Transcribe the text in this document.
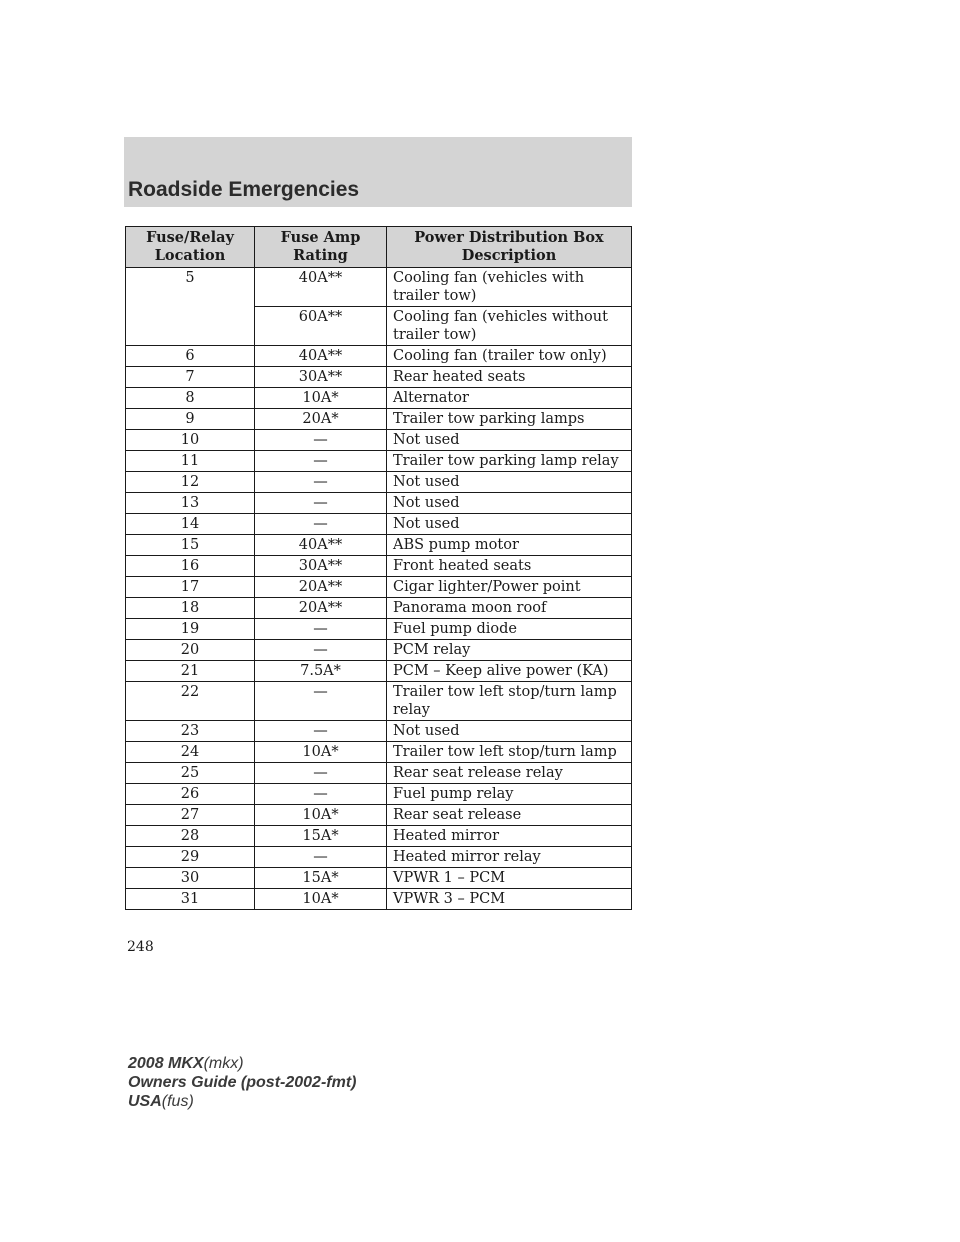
Roadside Emergencies
Fuse/Relay Location	Fuse Amp Rating	Power Distribution Box Description
5	40A**	Cooling fan (vehicles with trailer tow)
	60A**	Cooling fan (vehicles without trailer tow)
6	40A**	Cooling fan (trailer tow only)
7	30A**	Rear heated seats
8	10A*	Alternator
9	20A*	Trailer tow parking lamps
10	—	Not used
11	—	Trailer tow parking lamp relay
12	—	Not used
13	—	Not used
14	—	Not used
15	40A**	ABS pump motor
16	30A**	Front heated seats
17	20A**	Cigar lighter/Power point
18	20A**	Panorama moon roof
19	—	Fuel pump diode
20	—	PCM relay
21	7.5A*	PCM – Keep alive power (KA)
22	—	Trailer tow left stop/turn lamp relay
23	—	Not used
24	10A*	Trailer tow left stop/turn lamp
25	—	Rear seat release relay
26	—	Fuel pump relay
27	10A*	Rear seat release
28	15A*	Heated mirror
29	—	Heated mirror relay
30	15A*	VPWR 1 – PCM
31	10A*	VPWR 3 – PCM
248
2008 MKX(mkx)
Owners Guide (post-2002-fmt)
USA(fus)
